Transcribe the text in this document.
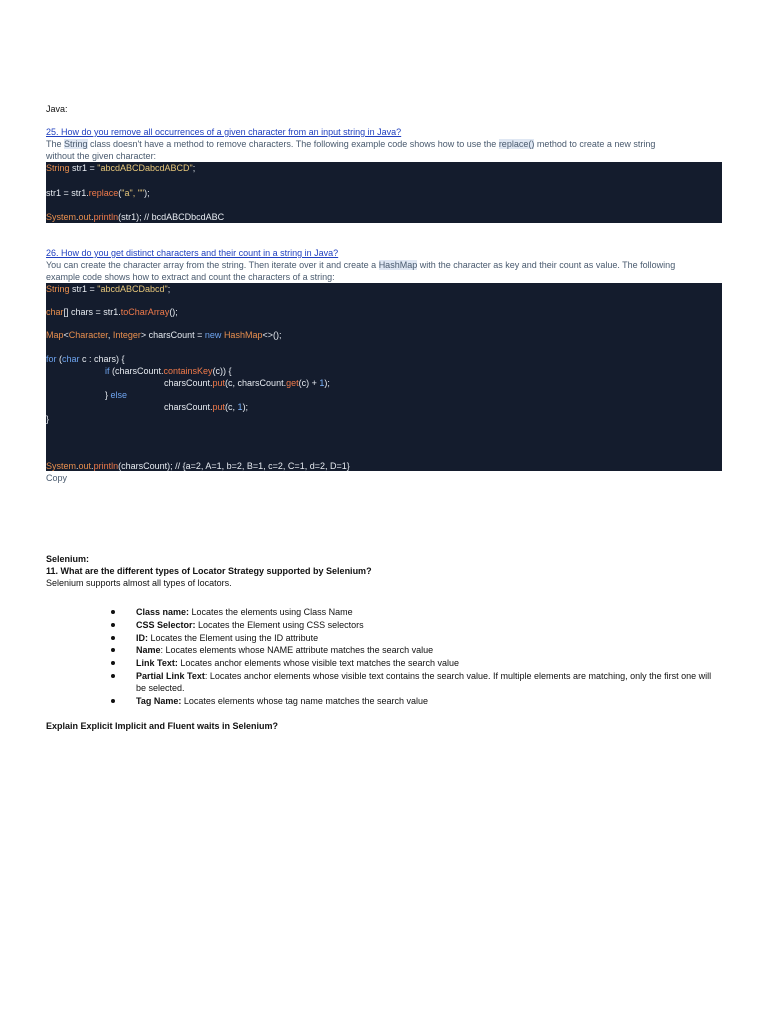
Java:
25. How do you remove all occurrences of a given character from an input string in Java?
The String class doesn't have a method to remove characters. The following example code shows how to use the replace() method to create a new string
without the given character:
String str1 = "abcdABCDabcdABCD";
str1 = str1.replace("a", "");
System.out.println(str1); // bcdABCDbcdABC
26. How do you get distinct characters and their count in a string in Java?
You can create the character array from the string. Then iterate over it and create a HashMap with the character as key and their count as value. The following
example code shows how to extract and count the characters of a string:
String str1 = "abcdABCDabcd";
char[] chars = str1.toCharArray();
Map<Character, Integer> charsCount = new HashMap<>();
for (char c : chars) {
if (charsCount.containsKey(c)) {
charsCount.put(c, charsCount.get(c) + 1);
} else
charsCount.put(c, 1);
}
System.out.println(charsCount); // {a=2, A=1, b=2, B=1, c=2, C=1, d=2, D=1}
Copy
Selenium:
11. What are the different types of Locator Strategy supported by Selenium?
Selenium supports almost all types of locators.
Class name: Locates the elements using Class Name
CSS Selector: Locates the Element using CSS selectors
ID: Locates the Element using the ID attribute
Name: Locates elements whose NAME attribute matches the search value
Link Text: Locates anchor elements whose visible text matches the search value
Partial Link Text: Locates anchor elements whose visible text contains the search value. If multiple elements are matching, only the first one will be selected.
Tag Name: Locates elements whose tag name matches the search value
Explain Explicit Implicit and Fluent waits in Selenium?
